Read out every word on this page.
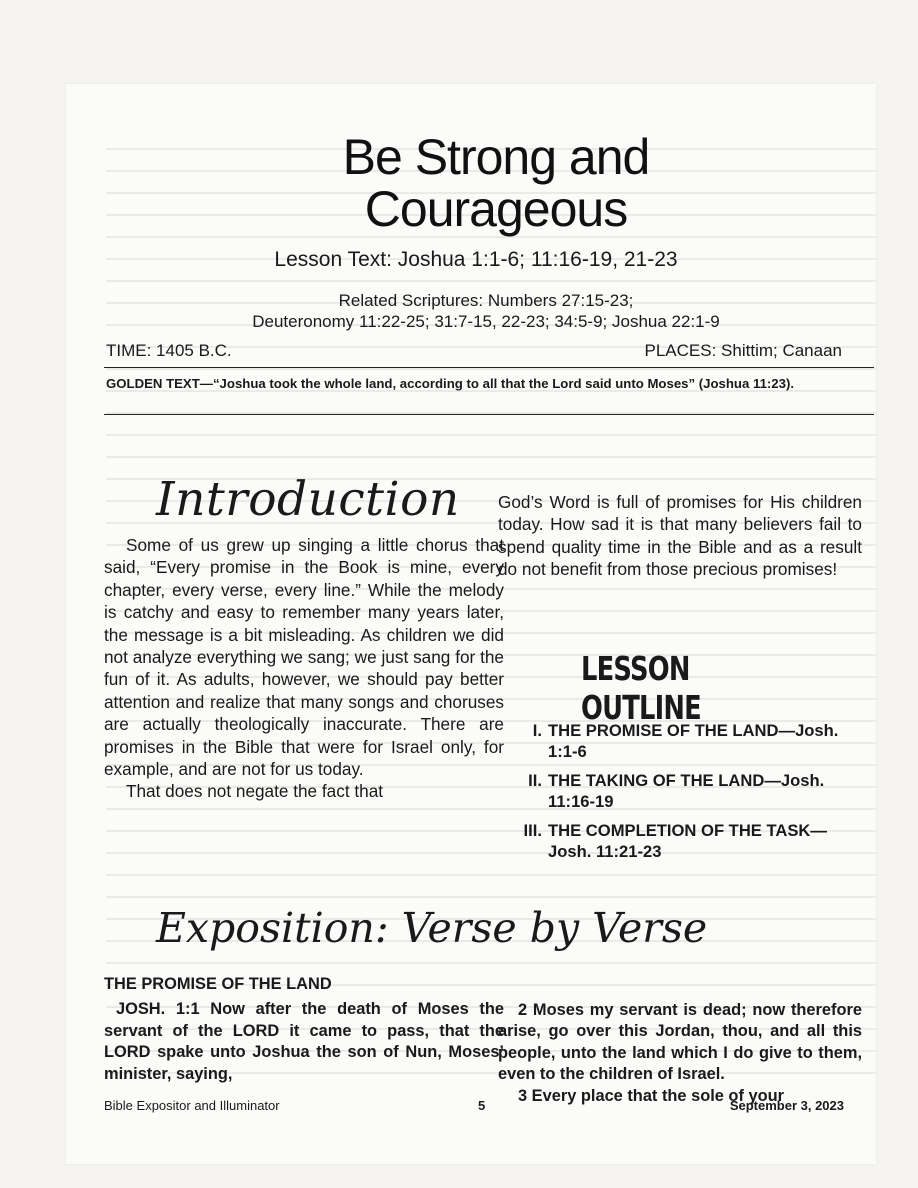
Be Strong and
Courageous
Lesson Text: Joshua 1:1-6; 11:16-19, 21-23
Related Scriptures: Numbers 27:15-23;
Deuteronomy 11:22-25; 31:7-15, 22-23; 34:5-9; Joshua 22:1-9
TIME: 1405 B.C.	PLACES: Shittim; Canaan
GOLDEN TEXT—“Joshua took the whole land, according to all that the Lord said unto Moses” (Joshua 11:23).
Introduction

Some of us grew up singing a little chorus that said, “Every promise in the Book is mine, every chapter, every verse, every line.” While the melody is catchy and easy to remember many years later, the message is a bit misleading. As children we did not analyze everything we sang; we just sang for the fun of it. As adults, however, we should pay better attention and realize that many songs and choruses are actually theologically inaccurate. There are promises in the Bible that were for Israel only, for example, and are not for us today.

That does not negate the fact that

God’s Word is full of promises for His children today. How sad it is that many believers fail to spend quality time in the Bible and as a result do not benefit from those precious promises!

LESSON OUTLINE
I. THE PROMISE OF THE LAND—Josh. 1:1-6
II. THE TAKING OF THE LAND—Josh. 11:16-19
III. THE COMPLETION OF THE TASK—Josh. 11:21-23
Exposition: Verse by Verse
THE PROMISE OF THE LAND
JOSH. 1:1 Now after the death of Moses the servant of the LORD it came to pass, that the LORD spake unto Joshua the son of Nun, Moses’ minister, saying,
2 Moses my servant is dead; now therefore arise, go over this Jordan, thou, and all this people, unto the land which I do give to them, even to the children of Israel.
3 Every place that the sole of your
Bible Expositor and Illuminator	5	September 3, 2023
